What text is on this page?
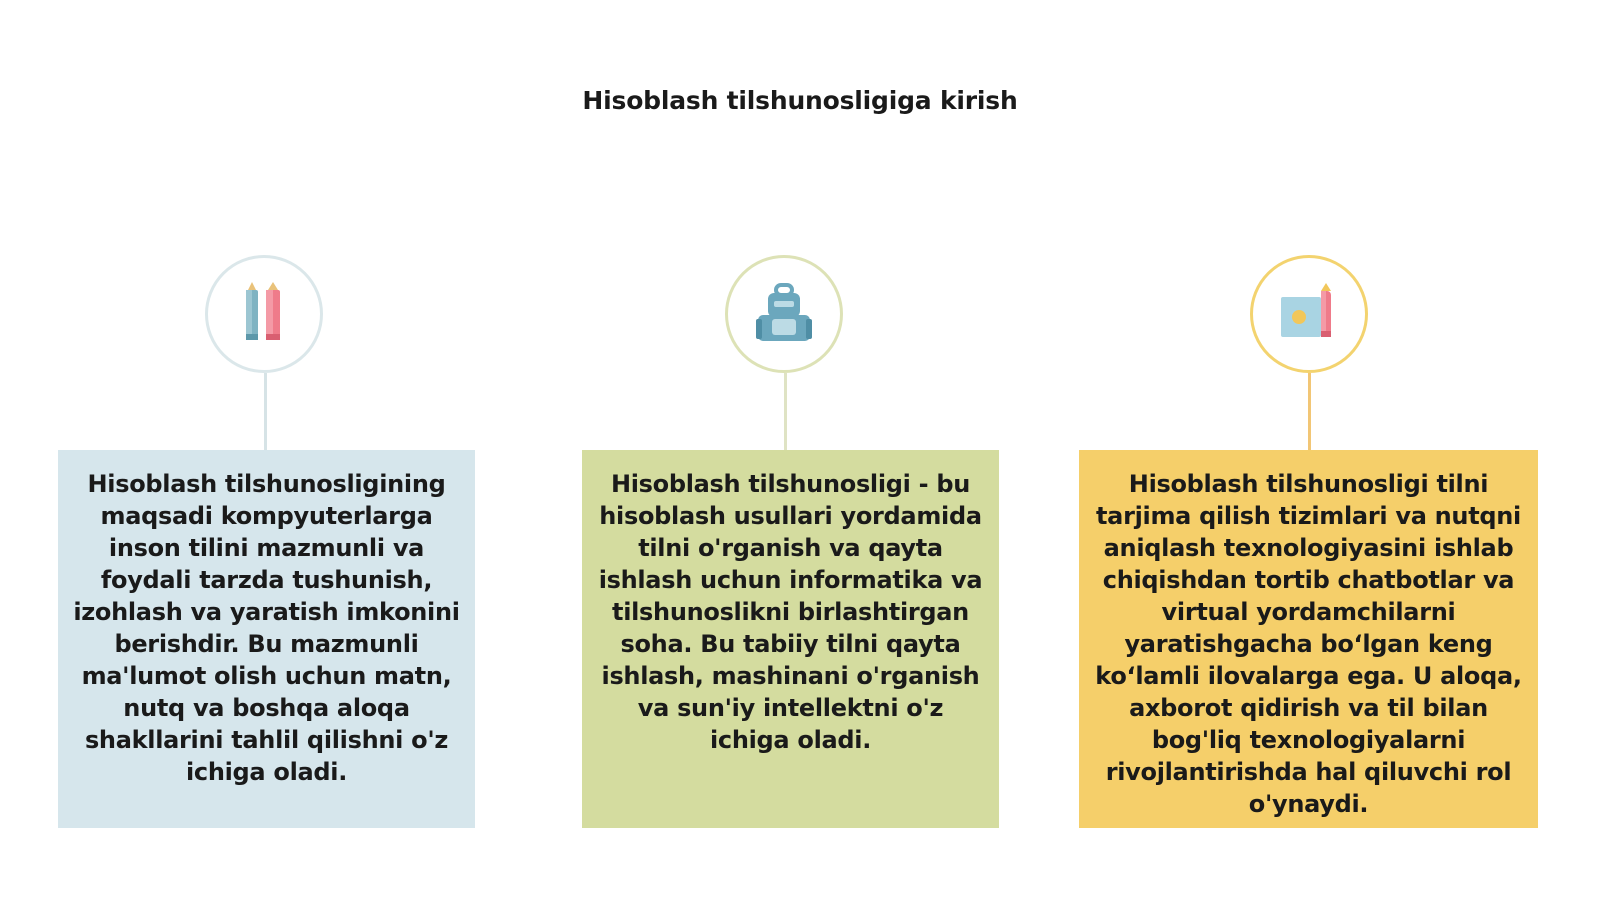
Hisoblash tilshunosligiga kirish
Hisoblash tilshunosligining maqsadi kompyuterlarga inson tilini mazmunli va foydali tarzda tushunish, izohlash va yaratish imkonini berishdir. Bu mazmunli ma'lumot olish uchun matn, nutq va boshqa aloqa shakllarini tahlil qilishni o'z ichiga oladi.
Hisoblash tilshunosligi - bu hisoblash usullari yordamida tilni o'rganish va qayta ishlash uchun informatika va tilshunoslikni birlashtirgan soha. Bu tabiiy tilni qayta ishlash, mashinani o'rganish va sun'iy intellektni o'z ichiga oladi.
Hisoblash tilshunosligi tilni tarjima qilish tizimlari va nutqni aniqlash texnologiyasini ishlab chiqishdan tortib chatbotlar va virtual yordamchilarni yaratishgacha bo‘lgan keng ko‘lamli ilovalarga ega. U aloqa, axborot qidirish va til bilan bog'liq texnologiyalarni rivojlantirishda hal qiluvchi rol o'ynaydi.
